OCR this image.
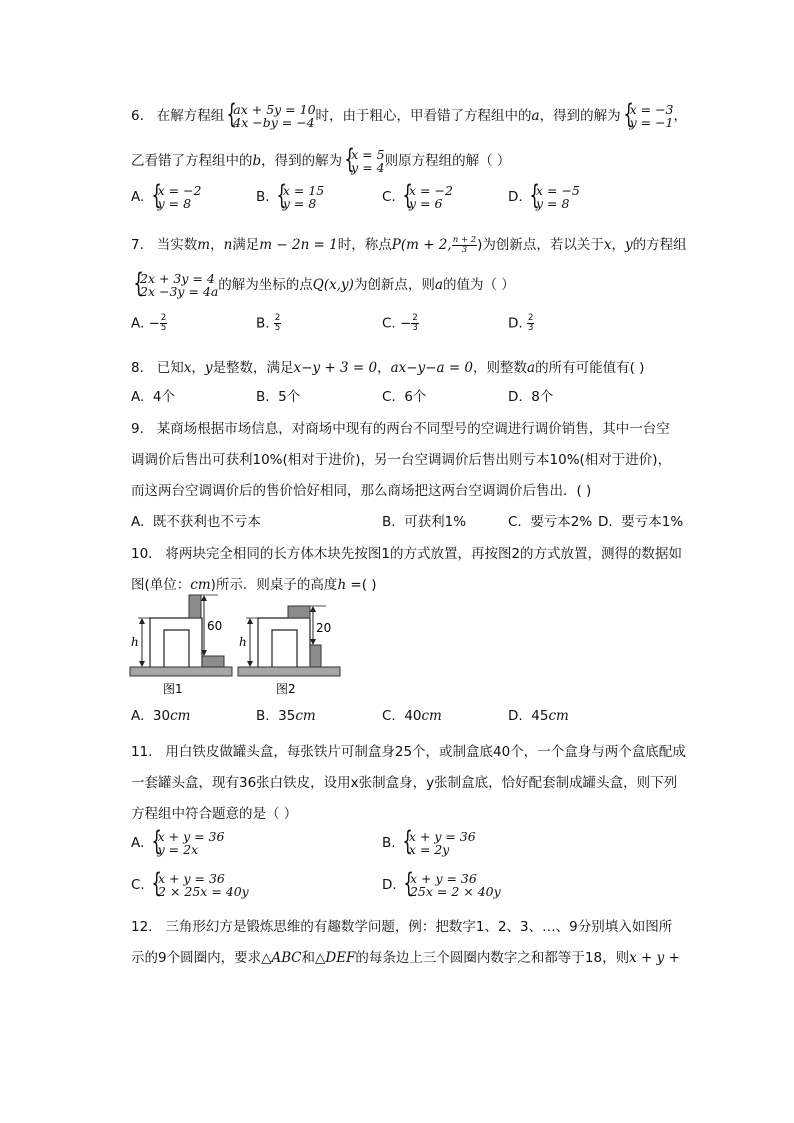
6. 在解方程组 { 𝑎𝑥 + 5𝑦 = 10
4𝑥 −𝑏𝑦 = −4 时，由于粗心，甲看错了方程组中的𝑎，得到的解为 { 𝑥 = −3
𝑦 = −1 ，
乙看错了方程组中的𝑏，得到的解为 { 𝑥 = 5
𝑦 = 4 则原方程组的解（ ）
A. { 𝑥 = −2
𝑦 = 8	B. { 𝑥 = 15
𝑦 = 8	C. { 𝑥 = −2
𝑦 = 6	D. { 𝑥 = −5
𝑦 = 8
7. 当实数𝑚，𝑛满足𝑚 − 2𝑛 = 1时，称点𝑃(𝑚 + 2, $\frac{\text{𝑛 + 2}}{3}$ )为创新点，若以关于𝑥，𝑦的方程组
{ 2𝑥 + 3𝑦 = 4
2𝑥 −3𝑦 = 4𝑎 的解为坐标的点𝑄(𝑥,𝑦)为创新点，则𝑎的值为（ ）
A. − $\frac{2}{5}$	B. $\frac{2}{5}$	C. − $\frac{2}{3}$	D. $\frac{2}{3}$
8. 已知𝑥，𝑦是整数，满足𝑥−𝑦 + 3 = 0，𝑎𝑥−𝑦−𝑎 = 0，则整数𝑎的所有可能值有( )
A. 4个	B. 5个	C. 6个	D. 8个
9. 某商场根据市场信息，对商场中现有的两台不同型号的空调进行调价销售，其中一台空
调调价后售出可获利10%(相对于进价)，另一台空调调价后售出则亏本10%(相对于进价)，
而这两台空调调价后的售价恰好相同，那么商场把这两台空调调价后售出．( )
A. 既不获利也不亏本	B. 可获利1%	C. 要亏本2% D. 要亏本1%
10. 将两块完全相同的长方体木块先按图1的方式放置，再按图2的方式放置，测得的数据如
图(单位：𝑐𝑚)所示．则桌子的高度ℎ =( )
ℎ
60
图1
ℎ
20
图2
A. 30𝑐𝑚	B. 35𝑐𝑚	C. 40𝑐𝑚	D. 45𝑐𝑚
11. 用白铁皮做罐头盒，每张铁片可制盒身25个，或制盒底40个，一个盒身与两个盒底配成
一套罐头盒，现有36张白铁皮，设用x张制盒身，y张制盒底，恰好配套制成罐头盒，则下列
方程组中符合题意的是（ ）
A. { 𝑥 + 𝑦 = 36
𝑦 = 2𝑥	B. { 𝑥 + 𝑦 = 36
𝑥 = 2𝑦
C. { 𝑥 + 𝑦 = 36
2 × 25𝑥 = 40𝑦	D. { 𝑥 + 𝑦 = 36
25𝑥 = 2 × 40𝑦
12. 三角形幻方是锻炼思维的有趣数学问题，例：把数字1、2、3、…、9分别填入如图所
示的9个圆圈内，要求△𝐴𝐵𝐶和△𝐷𝐸𝐹的每条边上三个圆圈内数字之和都等于18，则𝑥 + 𝑦 +
